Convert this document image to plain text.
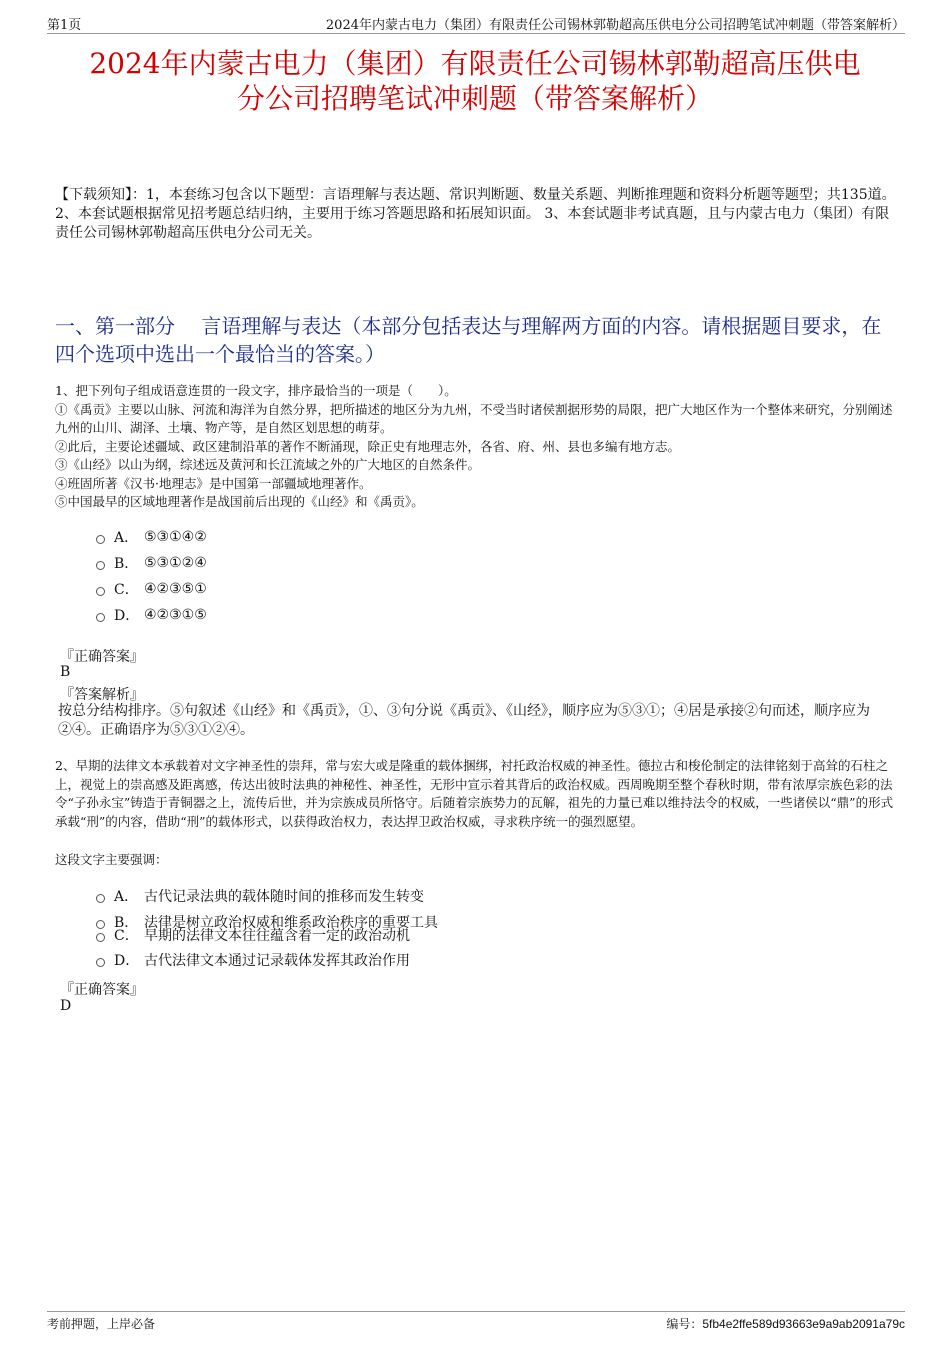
第1页	2024年内蒙古电力（集团）有限责任公司锡林郭勒超高压供电分公司招聘笔试冲刺题（带答案解析）
2024年内蒙古电力（集团）有限责任公司锡林郭勒超高压供电
分公司招聘笔试冲刺题（带答案解析）
【下载须知】：1，本套练习包含以下题型：言语理解与表达题、常识判断题、数量关系题、判断推理题和资料分析题等题型；共135道。 2、本套试题根据常见招考题总结归纳，主要用于练习答题思路和拓展知识面。 3、本套试题非考试真题，且与内蒙古电力（集团）有限责任公司锡林郭勒超高压供电分公司无关。
一、第一部分　 言语理解与表达（本部分包括表达与理解两方面的内容。请根据题目要求，在四个选项中选出一个最恰当的答案。）

1、把下列句子组成语意连贯的一段文字，排序最恰当的一项是（　　）。

①《禹贡》主要以山脉、河流和海洋为自然分界，把所描述的地区分为九州，不受当时诸侯割据形势的局限，把广大地区作为一个整体来研究，分别阐述九州的山川、湖泽、土壤、物产等，是自然区划思想的萌芽。

②此后，主要论述疆域、政区建制沿革的著作不断涌现，除正史有地理志外，各省、府、州、县也多编有地方志。

③《山经》以山为纲，综述远及黄河和长江流域之外的广大地区的自然条件。

④班固所著《汉书·地理志》是中国第一部疆域地理著作。

⑤中国最早的区域地理著作是战国前后出现的《山经》和《禹贡》。

A． ⑤③①④②
B． ⑤③①②④
C． ④②③⑤①
D． ④②③①⑤
『正确答案』
B
『答案解析』
按总分结构排序。⑤句叙述《山经》和《禹贡》，①、③句分说《禹贡》、《山经》，顺序应为⑤③①；④居是承接②句而述，顺序应为②④。正确语序为⑤③①②④。

2、早期的法律文本承载着对文字神圣性的崇拜，常与宏大或是隆重的载体捆绑，衬托政治权威的神圣性。德拉古和梭伦制定的法律铭刻于高耸的石柱之上，视觉上的崇高感及距离感，传达出彼时法典的神秘性、神圣性，无形中宣示着其背后的政治权威。西周晚期至整个春秋时期，带有浓厚宗族色彩的法令“子孙永宝”铸造于青铜器之上，流传后世，并为宗族成员所恪守。后随着宗族势力的瓦解，祖先的力量已难以维持法令的权威，一些诸侯以“鼎”的形式承载“刑”的内容，借助“刑”的载体形式，以获得政治权力，表达捍卫政治权威，寻求秩序统一的强烈愿望。

这段文字主要强调：
A． 古代记录法典的载体随时间的推移而发生转变
B． 法律是树立政治权威和维系政治秩序的重要工具
C． 早期的法律文本往往蕴含着一定的政治动机
D． 古代法律文本通过记录载体发挥其政治作用
『正确答案』
D
考前押题，上岸必备	编号：5fb4e2ffe589d93663e9a9ab2091a79c
